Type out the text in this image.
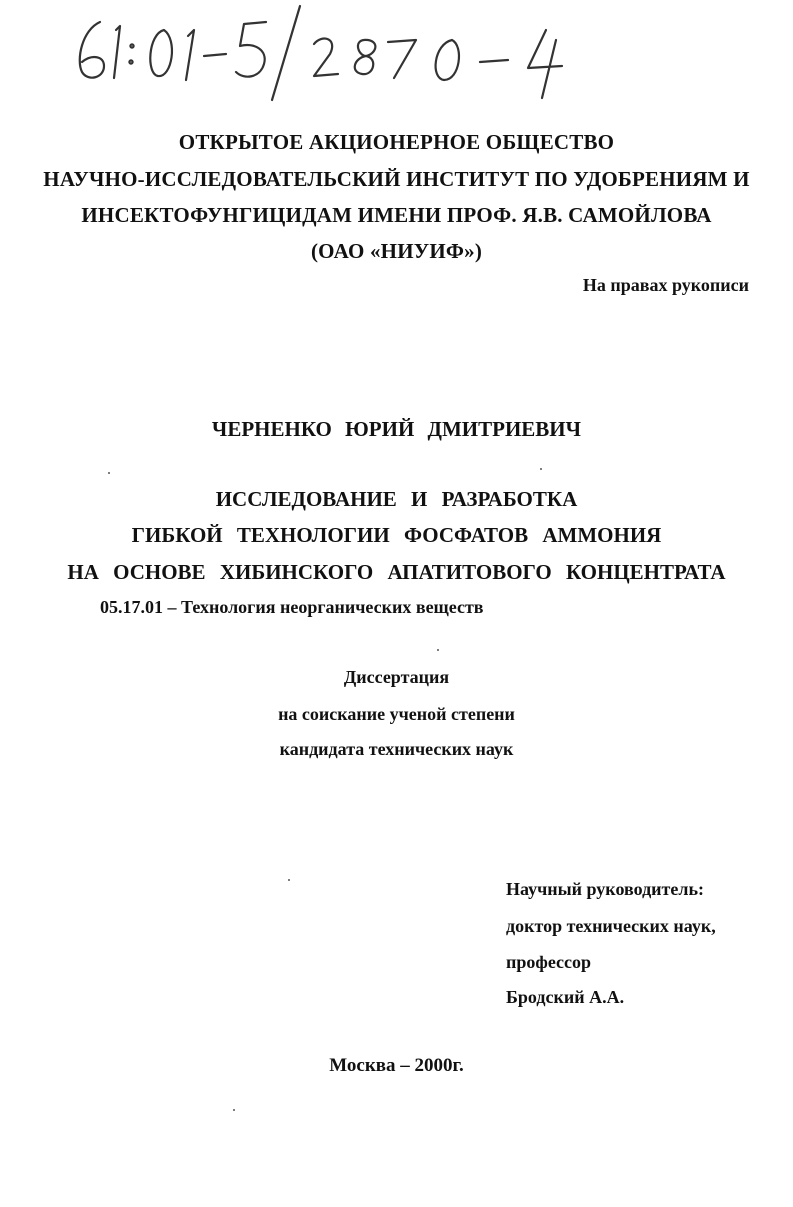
ОТКРЫТОЕ АКЦИОНЕРНОЕ ОБЩЕСТВО
НАУЧНО-ИССЛЕДОВАТЕЛЬСКИЙ ИНСТИТУТ ПО УДОБРЕНИЯМ И
ИНСЕКТОФУНГИЦИДАМ ИМЕНИ ПРОФ. Я.В. САМОЙЛОВА
(ОАО «НИУИФ»)
На правах рукописи
ЧЕРНЕНКО ЮРИЙ ДМИТРИЕВИЧ
ИССЛЕДОВАНИЕ И РАЗРАБОТКА
ГИБКОЙ ТЕХНОЛОГИИ ФОСФАТОВ АММОНИЯ
НА ОСНОВЕ ХИБИНСКОГО АПАТИТОВОГО КОНЦЕНТРАТА
05.17.01 – Технология неорганических веществ
Диссертация
на соискание ученой степени
кандидата технических наук
Научный руководитель:
доктор технических наук,
профессор
Бродский А.А.
Москва – 2000г.
